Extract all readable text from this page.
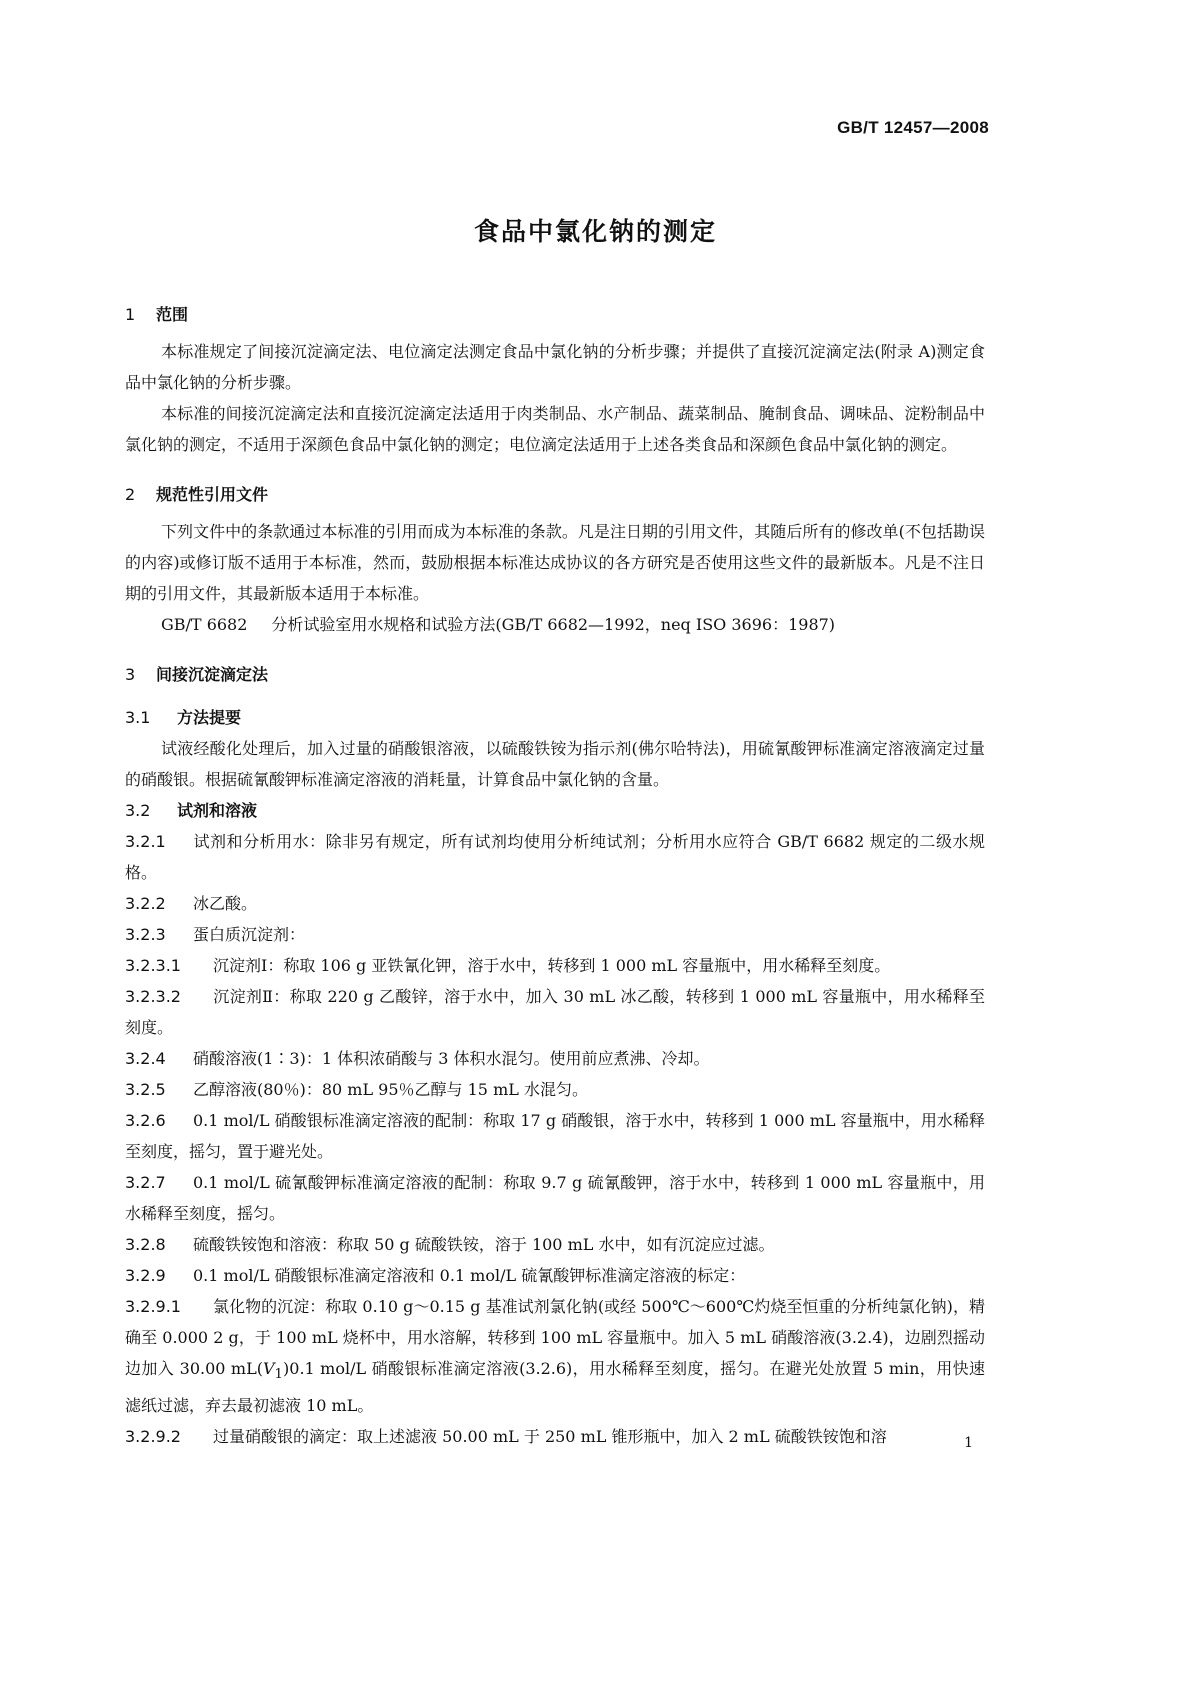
GB/T 12457—2008
食品中氯化钠的测定
1 范围

本标准规定了间接沉淀滴定法、电位滴定法测定食品中氯化钠的分析步骤；并提供了直接沉淀滴定法(附录 A)测定食品中氯化钠的分析步骤。

本标准的间接沉淀滴定法和直接沉淀滴定法适用于肉类制品、水产制品、蔬菜制品、腌制食品、调味品、淀粉制品中氯化钠的测定，不适用于深颜色食品中氯化钠的测定；电位滴定法适用于上述各类食品和深颜色食品中氯化钠的测定。

2 规范性引用文件

下列文件中的条款通过本标准的引用而成为本标准的条款。凡是注日期的引用文件，其随后所有的修改单(不包括勘误的内容)或修订版不适用于本标准，然而，鼓励根据本标准达成协议的各方研究是否使用这些文件的最新版本。凡是不注日期的引用文件，其最新版本适用于本标准。

GB/T 6682 分析试验室用水规格和试验方法(GB/T 6682—1992，neq ISO 3696：1987)

3 间接沉淀滴定法
3.1 方法提要

试液经酸化处理后，加入过量的硝酸银溶液，以硫酸铁铵为指示剂(佛尔哈特法)，用硫氰酸钾标准滴定溶液滴定过量的硝酸银。根据硫氰酸钾标准滴定溶液的消耗量，计算食品中氯化钠的含量。

3.2 试剂和溶液

3.2.1 试剂和分析用水：除非另有规定，所有试剂均使用分析纯试剂；分析用水应符合 GB/T 6682 规定的二级水规格。

3.2.2 冰乙酸。

3.2.3 蛋白质沉淀剂：

3.2.3.1 沉淀剂Ⅰ：称取 106 g 亚铁氰化钾，溶于水中，转移到 1 000 mL 容量瓶中，用水稀释至刻度。

3.2.3.2 沉淀剂Ⅱ：称取 220 g 乙酸锌，溶于水中，加入 30 mL 冰乙酸，转移到 1 000 mL 容量瓶中，用水稀释至刻度。

3.2.4 硝酸溶液(1∶3)：1 体积浓硝酸与 3 体积水混匀。使用前应煮沸、冷却。

3.2.5 乙醇溶液(80％)：80 mL 95％乙醇与 15 mL 水混匀。

3.2.6 0.1 mol/L 硝酸银标准滴定溶液的配制：称取 17 g 硝酸银，溶于水中，转移到 1 000 mL 容量瓶中，用水稀释至刻度，摇匀，置于避光处。

3.2.7 0.1 mol/L 硫氰酸钾标准滴定溶液的配制：称取 9.7 g 硫氰酸钾，溶于水中，转移到 1 000 mL 容量瓶中，用水稀释至刻度，摇匀。

3.2.8 硫酸铁铵饱和溶液：称取 50 g 硫酸铁铵，溶于 100 mL 水中，如有沉淀应过滤。

3.2.9 0.1 mol/L 硝酸银标准滴定溶液和 0.1 mol/L 硫氰酸钾标准滴定溶液的标定：

3.2.9.1 氯化物的沉淀：称取 0.10 g～0.15 g 基准试剂氯化钠(或经 500℃～600℃灼烧至恒重的分析纯氯化钠)，精确至 0.000 2 g，于 100 mL 烧杯中，用水溶解，转移到 100 mL 容量瓶中。加入 5 mL 硝酸溶液(3.2.4)，边剧烈摇动边加入 30.00 $mL(V_1)0.1$ mol/L 硝酸银标准滴定溶液(3.2.6)，用水稀释至刻度，摇匀。在避光处放置 5 min，用快速滤纸过滤，弃去最初滤液 10 mL。

3.2.9.2 过量硝酸银的滴定：取上述滤液 50.00 mL 于 250 mL 锥形瓶中，加入 2 mL 硫酸铁铵饱和溶	1
